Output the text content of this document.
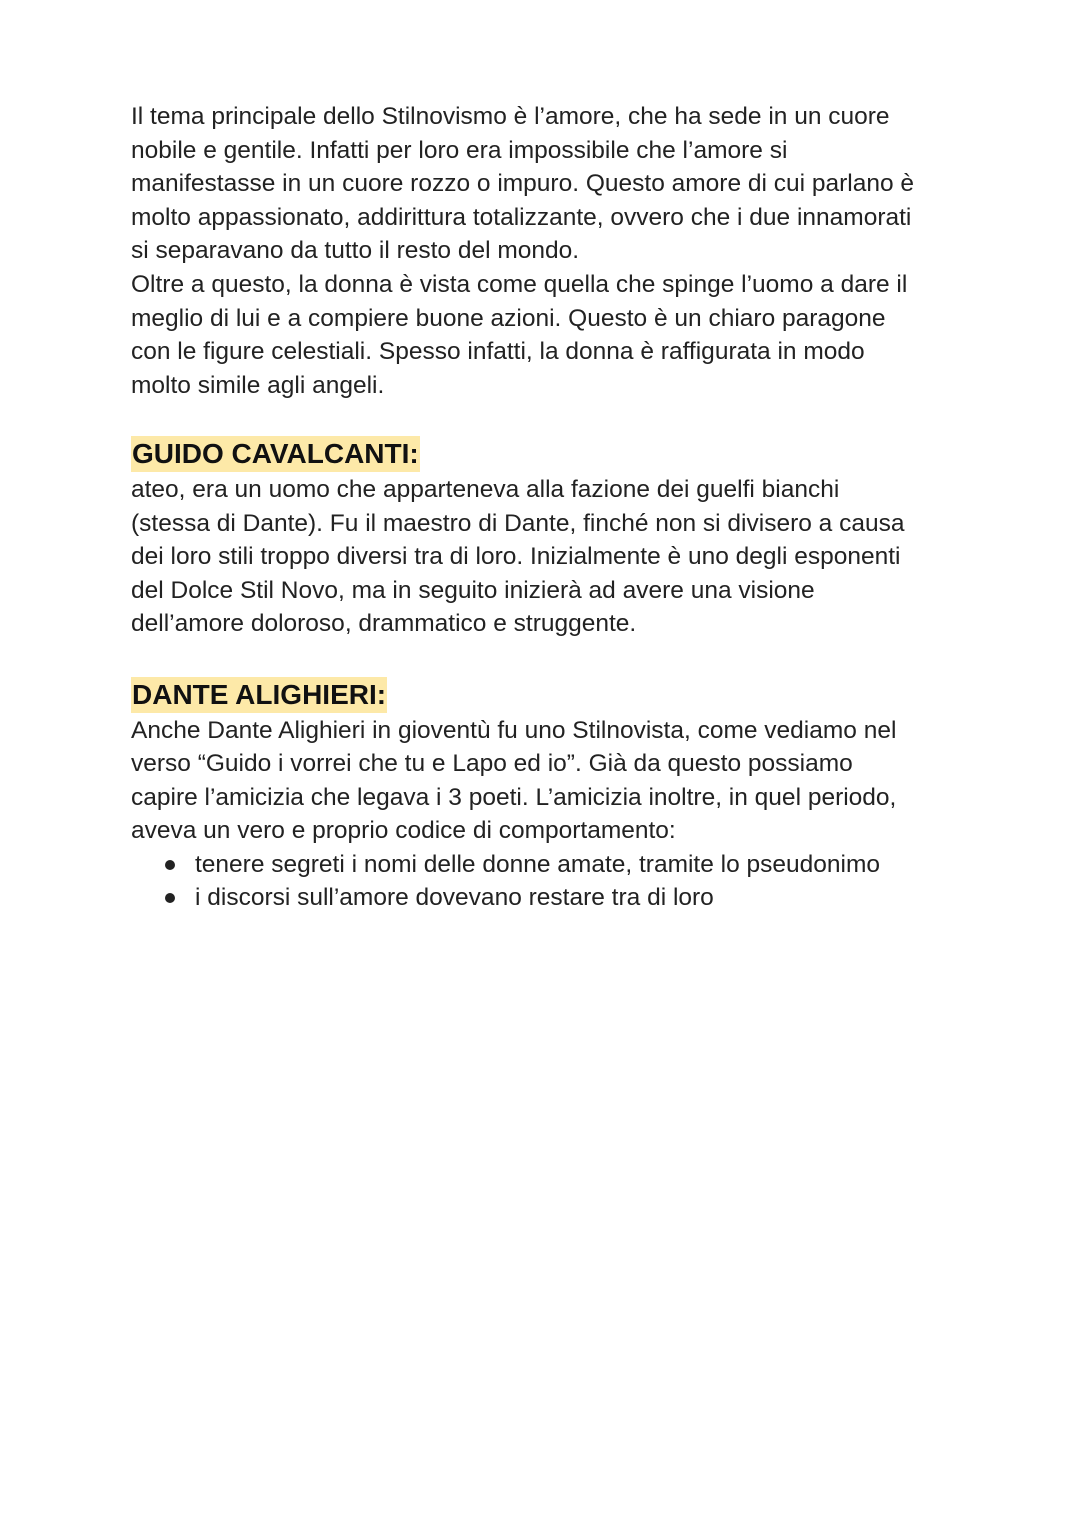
Il tema principale dello Stilnovismo è l’amore, che ha sede in un cuore
nobile e gentile. Infatti per loro era impossibile che l’amore si
manifestasse in un cuore rozzo o impuro. Questo amore di cui parlano è
molto appassionato, addirittura totalizzante, ovvero che i due innamorati
si separavano da tutto il resto del mondo.
Oltre a questo, la donna è vista come quella che spinge l’uomo a dare il
meglio di lui e a compiere buone azioni. Questo è un chiaro paragone
con le figure celestiali. Spesso infatti, la donna è raffigurata in modo
molto simile agli angeli.

GUIDO CAVALCANTI:

ateo, era un uomo che apparteneva alla fazione dei guelfi bianchi
(stessa di Dante). Fu il maestro di Dante, finché non si divisero a causa
dei loro stili troppo diversi tra di loro. Inizialmente è uno degli esponenti
del Dolce Stil Novo, ma in seguito inizierà ad avere una visione
dell’amore doloroso, drammatico e struggente.

DANTE ALIGHIERI:

Anche Dante Alighieri in gioventù fu uno Stilnovista, come vediamo nel
verso “Guido i vorrei che tu e Lapo ed io”. Già da questo possiamo
capire l’amicizia che legava i 3 poeti. L’amicizia inoltre, in quel periodo,
aveva un vero e proprio codice di comportamento:

tenere segreti i nomi delle donne amate, tramite lo pseudonimo
i discorsi sull’amore dovevano restare tra di loro
